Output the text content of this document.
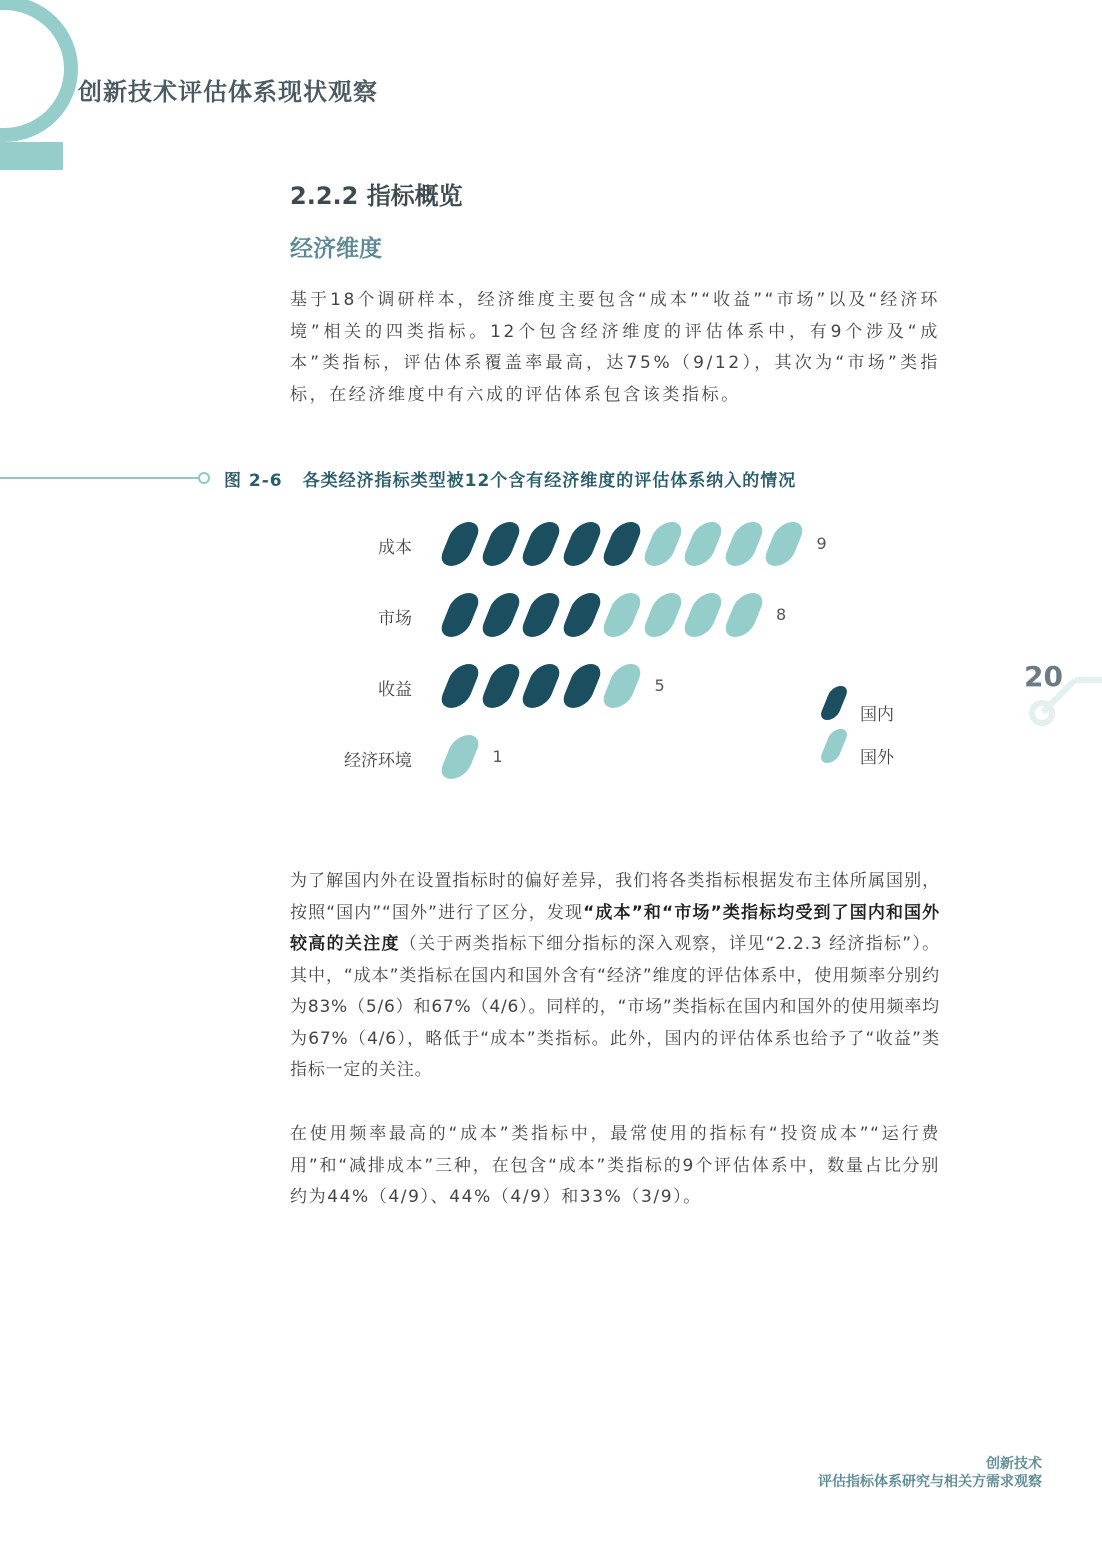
创新技术评估体系现状观察
2.2.2 指标概览
经济维度
基于18个调研样本，经济维度主要包含“成本”“收益”“市场”以及“经济环境”相关的四类指标。12个包含经济维度的评估体系中，有9个涉及“成本”类指标，评估体系覆盖率最高，达75%（9/12），其次为“市场”类指标，在经济维度中有六成的评估体系包含该类指标。
图 2-6 各类经济指标类型被12个含有经济维度的评估体系纳入的情况
成本	9
市场	8
收益	5
经济环境	1
国内
国外
为了解国内外在设置指标时的偏好差异，我们将各类指标根据发布主体所属国别，按照“国内”“国外”进行了区分，发现“成本”和“市场”类指标均受到了国内和国外较高的关注度（关于两类指标下细分指标的深入观察，详见“2.2.3 经济指标”）。其中，“成本”类指标在国内和国外含有“经济”维度的评估体系中，使用频率分别约为83%（5/6）和67%（4/6）。同样的，“市场”类指标在国内和国外的使用频率均为67%（4/6），略低于“成本”类指标。此外，国内的评估体系也给予了“收益”类指标一定的关注。
在使用频率最高的“成本”类指标中，最常使用的指标有“投资成本”“运行费用”和“减排成本”三种，在包含“成本”类指标的9个评估体系中，数量占比分别约为44%（4/9）、44%（4/9）和33%（3/9）。
20
创新技术
评估指标体系研究与相关方需求观察
